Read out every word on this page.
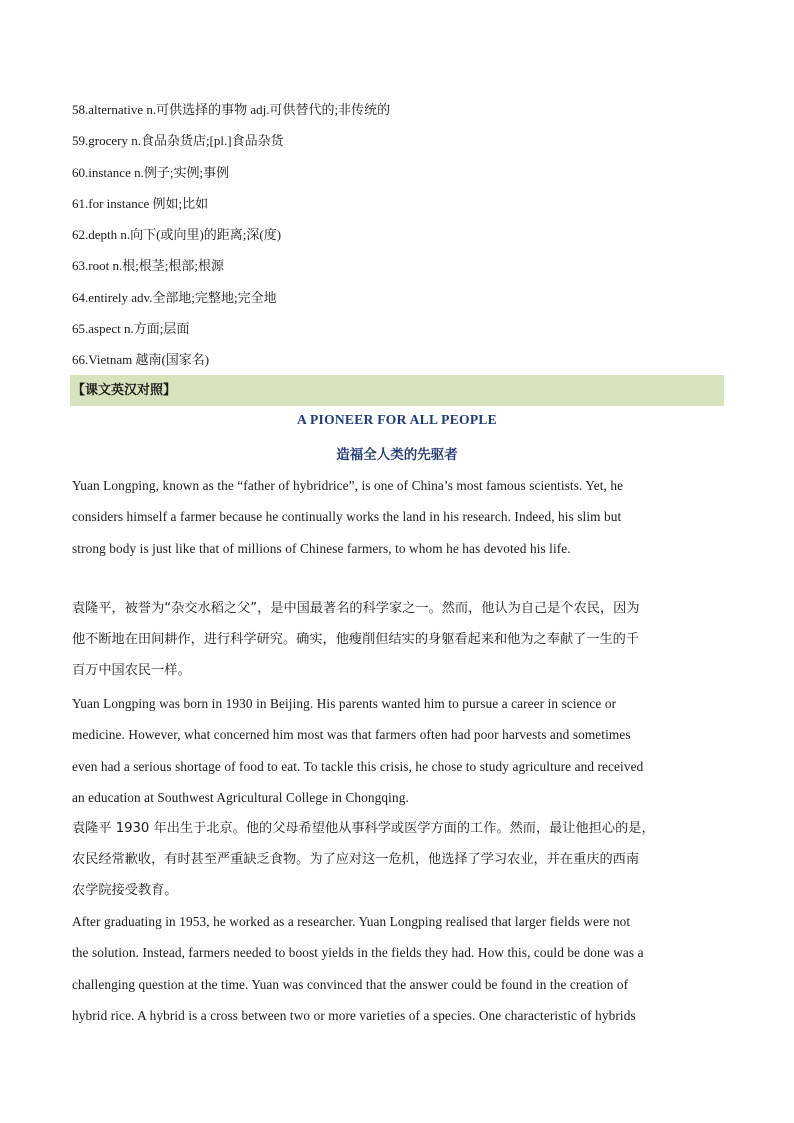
58.alternative n.可供选择的事物 adj.可供替代的;非传统的
59.grocery n.食品杂货店;[pl.]食品杂货
60.instance n.例子;实例;事例
61.for instance 例如;比如
62.depth n.向下(或向里)的距离;深(度)
63.root n.根;根茎;根部;根源
64.entirely adv.全部地;完整地;完全地
65.aspect n.方面;层面
66.Vietnam 越南(国家名)
【课文英汉对照】
A PIONEER FOR ALL PEOPLE
造福全人类的先驱者
Yuan Longping, known as the “father of hybridrice”, is one of China’s most famous scientists. Yet, he
considers himself a farmer because he continually works the land in his research. Indeed, his slim but
strong body is just like that of millions of Chinese farmers, to whom he has devoted his life.
袁隆平，被誉为“杂交水稻之父”，是中国最著名的科学家之一。然而，他认为自己是个农民，因为
他不断地在田间耕作，进行科学研究。确实，他瘦削但结实的身躯看起来和他为之奉献了一生的千
百万中国农民一样。
Yuan Longping was born in 1930 in Beijing. His parents wanted him to pursue a career in science or
medicine. However, what concerned him most was that farmers often had poor harvests and sometimes
even had a serious shortage of food to eat. To tackle this crisis, he chose to study agriculture and received
an education at Southwest Agricultural College in Chongqing.
袁隆平 1930 年出生于北京。他的父母希望他从事科学或医学方面的工作。然而，最让他担心的是，
农民经常歉收，有时甚至严重缺乏食物。为了应对这一危机，他选择了学习农业，并在重庆的西南
农学院接受教育。
After graduating in 1953, he worked as a researcher. Yuan Longping realised that larger fields were not
the solution. Instead, farmers needed to boost yields in the fields they had. How this, could be done was a
challenging question at the time. Yuan was convinced that the answer could be found in the creation of
hybrid rice. A hybrid is a cross between two or more varieties of a species. One characteristic of hybrids
